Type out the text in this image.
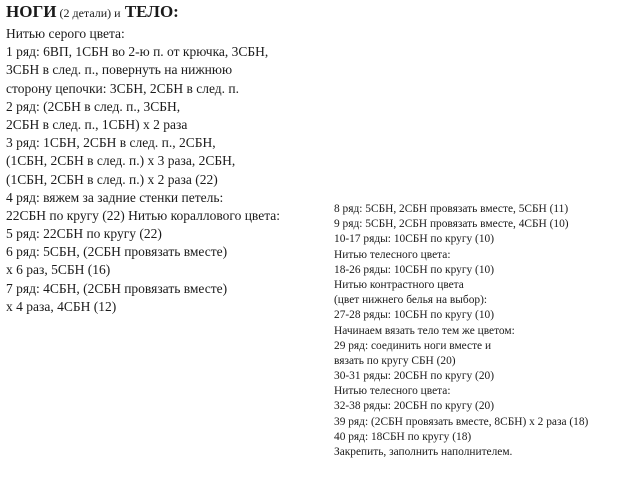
НОГИ (2 детали) и ТЕЛО:
Нитью серого цвета:
1 ряд: 6ВП, 1СБН во 2-ю п. от крючка, 3СБН,
3СБН в след. п., повернуть на нижнюю
сторону цепочки: 3СБН, 2СБН в след. п.
2 ряд: (2СБН в след. п., 3СБН,
2СБН в след. п., 1СБН) х 2 раза
3 ряд: 1СБН, 2СБН в след. п., 2СБН,
(1СБН, 2СБН в след. п.) х 3 раза, 2СБН,
(1СБН, 2СБН в след. п.) х 2 раза (22)
4 ряд: вяжем за задние стенки петель:
22СБН по кругу (22) Нитью кораллового цвета:
5 ряд: 22СБН по кругу (22)
6 ряд: 5СБН, (2СБН провязать вместе)
х 6 раз, 5СБН (16)
7 ряд: 4СБН, (2СБН провязать вместе)
х 4 раза, 4СБН (12)
8 ряд: 5СБН, 2СБН провязать вместе, 5СБН (11)
9 ряд: 5СБН, 2СБН провязать вместе, 4СБН (10)
10-17 ряды: 10СБН по кругу (10)
Нитью телесного цвета:
18-26 ряды: 10СБН по кругу (10)
Нитью контрастного цвета
(цвет нижнего белья на выбор):
27-28 ряды: 10СБН по кругу (10)
Начинаем вязать тело тем же цветом:
29 ряд: соединить ноги вместе и
вязать по кругу СБН (20)
30-31 ряды: 20СБН по кругу (20)
Нитью телесного цвета:
32-38 ряды: 20СБН по кругу (20)
39 ряд: (2СБН провязать вместе, 8СБН) х 2 раза (18)
40 ряд: 18СБН по кругу (18)
Закрепить, заполнить наполнителем.
